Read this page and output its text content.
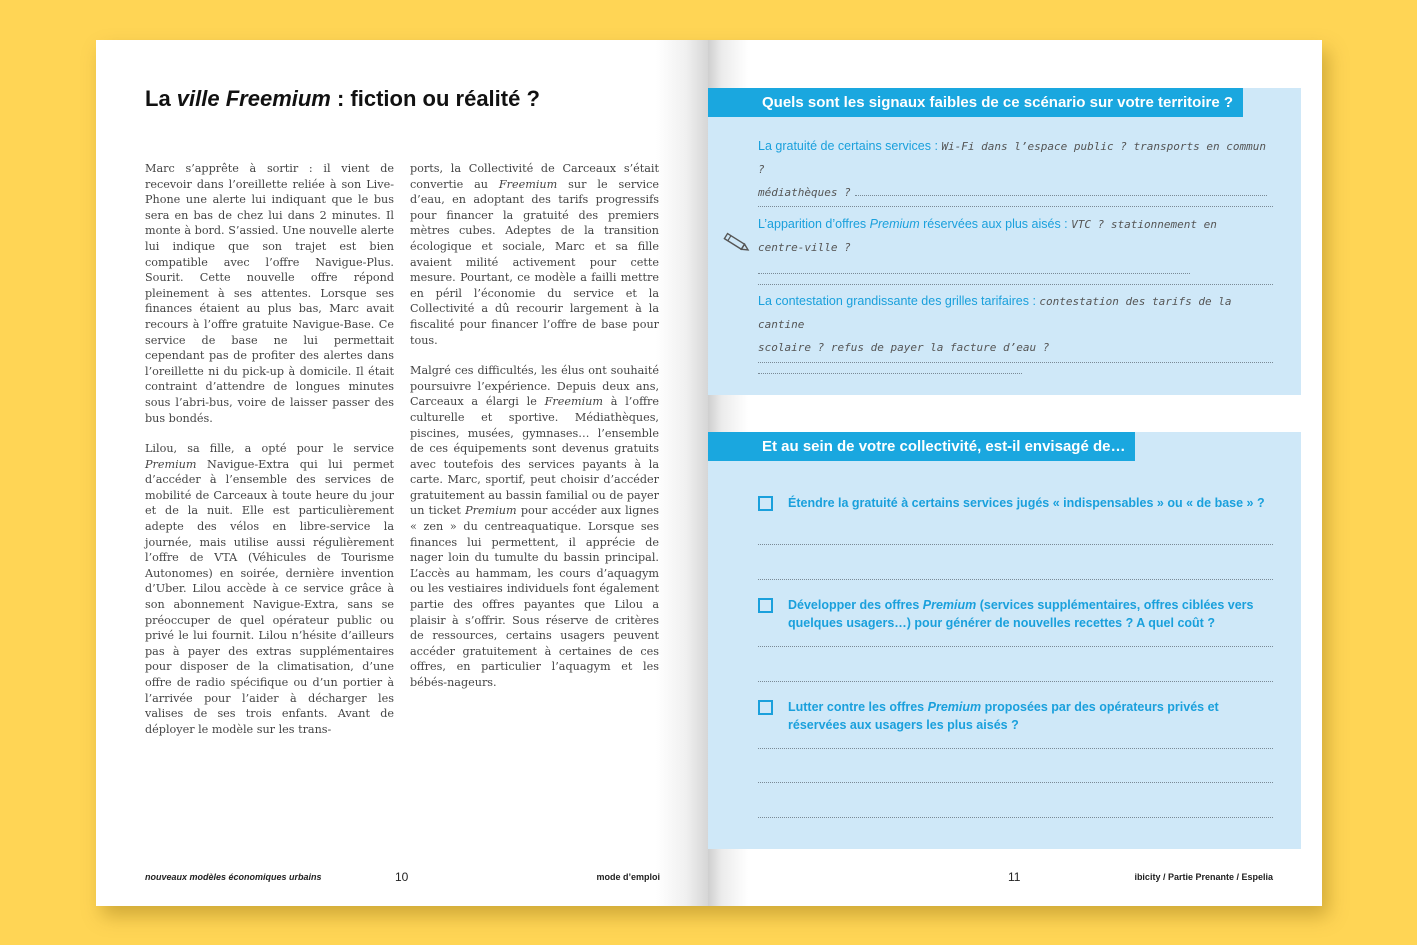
La ville Freemium : fiction ou réalité ?

Marc s’apprête à sortir : il vient de recevoir dans l’oreillette reliée à son Live-Phone une alerte lui indiquant que le bus sera en bas de chez lui dans 2 minutes. Il monte à bord. S’assied. Une nouvelle alerte lui indique que son trajet est bien compatible avec l’offre Navigue-Plus. Sourit. Cette nouvelle offre répond pleinement à ses attentes. Lorsque ses finances étaient au plus bas, Marc avait recours à l’offre gratuite Navigue-Base. Ce service de base ne lui permettait cependant pas de profiter des alertes dans l’oreillette ni du pick-up à domicile. Il était contraint d’attendre de longues minutes sous l’abri-bus, voire de laisser passer des bus bondés.

Lilou, sa fille, a opté pour le service Premium Navigue-Extra qui lui permet d’accéder à l’ensemble des services de mobilité de Carceaux à toute heure du jour et de la nuit. Elle est particulièrement adepte des vélos en libre-service la journée, mais utilise aussi régulièrement l’offre de VTA (Véhicules de Tourisme Autonomes) en soirée, dernière invention d’Uber. Lilou accède à ce service grâce à son abonnement Navigue-Extra, sans se préoccuper de quel opérateur public ou privé le lui fournit. Lilou n’hésite d’ailleurs pas à payer des extras supplémentaires pour disposer de la climatisation, d’une offre de radio spécifique ou d’un portier à l’arrivée pour l’aider à décharger les valises de ses trois enfants. Avant de déployer le modèle sur les trans-

ports, la Collectivité de Carceaux s’était convertie au Freemium sur le service d’eau, en adoptant des tarifs progressifs pour financer la gratuité des premiers mètres cubes. Adeptes de la transition écologique et sociale, Marc et sa fille avaient milité activement pour cette mesure. Pourtant, ce modèle a failli mettre en péril l’économie du service et la Collectivité a dû recourir largement à la fiscalité pour financer l’offre de base pour tous.

Malgré ces difficultés, les élus ont souhaité poursuivre l’expérience. Depuis deux ans, Carceaux a élargi le Freemium à l’offre culturelle et sportive. Médiathèques, piscines, musées, gymnases… l’ensemble de ces équipements sont devenus gratuits avec toutefois des services payants à la carte. Marc, sportif, peut choisir d’accéder gratuitement au bassin familial ou de payer un ticket Premium pour accéder aux lignes « zen » du centreaquatique. Lorsque ses finances lui permettent, il apprécie de nager loin du tumulte du bassin principal. L’accès au hammam, les cours d’aquagym ou les vestiaires individuels font également partie des offres payantes que Lilou a plaisir à s’offrir. Sous réserve de critères de ressources, certains usagers peuvent accéder gratuitement à certaines de ces offres, en particulier l’aquagym et les bébés-nageurs.

nouveaux modèles économiques urbains	10	mode d’emploi
Quels sont les signaux faibles de ce scénario sur votre territoire ?
La gratuité de certains services : Wi-Fi dans l’espace public ? transports en commun ?
médiathèques ?
L’apparition d’offres Premium réservées aux plus aisés : VTC ? stationnement en
centre-ville ?
La contestation grandissante des grilles tarifaires : contestation des tarifs de la cantine
scolaire ? refus de payer la facture d’eau ?
Et au sein de votre collectivité, est-il envisagé de…
Étendre la gratuité à certains services jugés « indispensables » ou « de base » ?
Développer des offres Premium (services supplémentaires, offres ciblées vers quelques usagers…) pour générer de nouvelles recettes ? A quel coût ?
Lutter contre les offres Premium proposées par des opérateurs privés et réservées aux usagers les plus aisés ?
11	ibicity / Partie Prenante / Espelia
